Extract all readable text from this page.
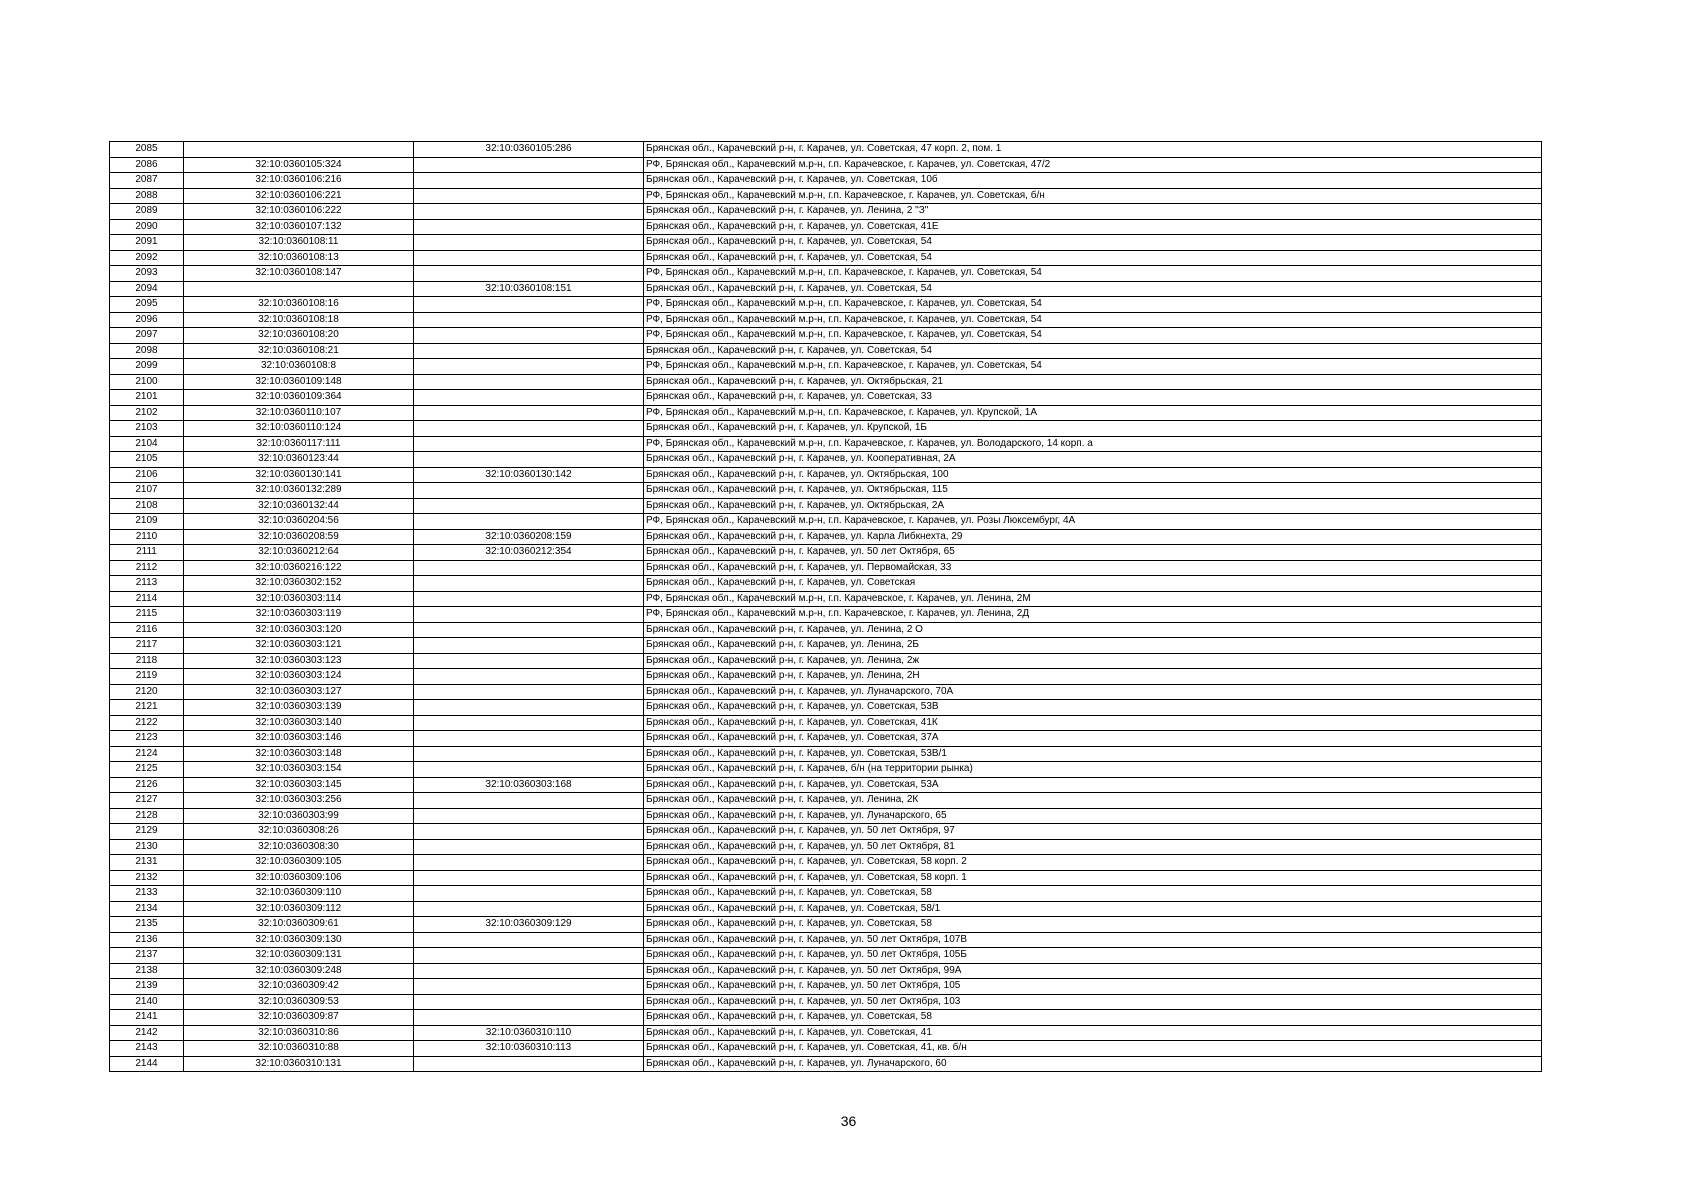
2085		32:10:0360105:286	Брянская обл., Карачевский р-н, г. Карачев, ул. Советская, 47 корп. 2, пом. 1
2086	32:10:0360105:324		РФ, Брянская обл., Карачевский м.р-н, г.п. Карачевское, г. Карачев, ул. Советская, 47/2
2087	32:10:0360106:216		Брянская обл., Карачевский р-н, г. Карачев, ул. Советская, 10б
2088	32:10:0360106:221		РФ, Брянская обл., Карачевский м.р-н, г.п. Карачевское, г. Карачев, ул. Советская, б/н
2089	32:10:0360106:222		Брянская обл., Карачевский р-н, г. Карачев, ул. Ленина, 2 "З"
2090	32:10:0360107:132		Брянская обл., Карачевский р-н, г. Карачев, ул. Советская, 41Е
2091	32:10:0360108:11		Брянская обл., Карачевский р-н, г. Карачев, ул. Советская, 54
2092	32:10:0360108:13		Брянская обл., Карачевский р-н, г. Карачев, ул. Советская, 54
2093	32:10:0360108:147		РФ, Брянская обл., Карачевский м.р-н, г.п. Карачевское, г. Карачев, ул. Советская, 54
2094		32:10:0360108:151	Брянская обл., Карачевский р-н, г. Карачев, ул. Советская, 54
2095	32:10:0360108:16		РФ, Брянская обл., Карачевский м.р-н, г.п. Карачевское, г. Карачев, ул. Советская, 54
2096	32:10:0360108:18		РФ, Брянская обл., Карачевский м.р-н, г.п. Карачевское, г. Карачев, ул. Советская, 54
2097	32:10:0360108:20		РФ, Брянская обл., Карачевский м.р-н, г.п. Карачевское, г. Карачев, ул. Советская, 54
2098	32:10:0360108:21		Брянская обл., Карачевский р-н, г. Карачев, ул. Советская, 54
2099	32:10:0360108:8		РФ, Брянская обл., Карачевский м.р-н, г.п. Карачевское, г. Карачев, ул. Советская, 54
2100	32:10:0360109:148		Брянская обл., Карачевский р-н, г. Карачев, ул. Октябрьская, 21
2101	32:10:0360109:364		Брянская обл., Карачевский р-н, г. Карачев, ул. Советская, 33
2102	32:10:0360110:107		РФ, Брянская обл., Карачевский м.р-н, г.п. Карачевское, г. Карачев, ул. Крупской, 1А
2103	32:10:0360110:124		Брянская обл., Карачевский р-н, г. Карачев, ул. Крупской, 1Б
2104	32:10:0360117:111		РФ, Брянская обл., Карачевский м.р-н, г.п. Карачевское, г. Карачев, ул. Володарского, 14 корп. а
2105	32:10:0360123:44		Брянская обл., Карачевский р-н, г. Карачев, ул. Кооперативная, 2А
2106	32:10:0360130:141	32:10:0360130:142	Брянская обл., Карачевский р-н, г. Карачев, ул. Октябрьская, 100
2107	32:10:0360132:289		Брянская обл., Карачевский р-н, г. Карачев, ул. Октябрьская, 115
2108	32:10:0360132:44		Брянская обл., Карачевский р-н, г. Карачев, ул. Октябрьская, 2А
2109	32:10:0360204:56		РФ, Брянская обл., Карачевский м.р-н, г.п. Карачевское, г. Карачев, ул. Розы Люксембург, 4А
2110	32:10:0360208:59	32:10:0360208:159	Брянская обл., Карачевский р-н, г. Карачев, ул. Карла Либкнехта, 29
2111	32:10:0360212:64	32:10:0360212:354	Брянская обл., Карачевский р-н, г. Карачев, ул. 50 лет Октября, 65
2112	32:10:0360216:122		Брянская обл., Карачевский р-н, г. Карачев, ул. Первомайская, 33
2113	32:10:0360302:152		Брянская обл., Карачевский р-н, г. Карачев, ул. Советская
2114	32:10:0360303:114		РФ, Брянская обл., Карачевский м.р-н, г.п. Карачевское, г. Карачев, ул. Ленина, 2М
2115	32:10:0360303:119		РФ, Брянская обл., Карачевский м.р-н, г.п. Карачевское, г. Карачев, ул. Ленина, 2Д
2116	32:10:0360303:120		Брянская обл., Карачевский р-н, г. Карачев, ул. Ленина, 2 О
2117	32:10:0360303:121		Брянская обл., Карачевский р-н, г. Карачев, ул. Ленина, 2Б
2118	32:10:0360303:123		Брянская обл., Карачевский р-н, г. Карачев, ул. Ленина, 2ж
2119	32:10:0360303:124		Брянская обл., Карачевский р-н, г. Карачев, ул. Ленина, 2Н
2120	32:10:0360303:127		Брянская обл., Карачевский р-н, г. Карачев, ул. Луначарского, 70А
2121	32:10:0360303:139		Брянская обл., Карачевский р-н, г. Карачев, ул. Советская, 53В
2122	32:10:0360303:140		Брянская обл., Карачевский р-н, г. Карачев, ул. Советская, 41К
2123	32:10:0360303:146		Брянская обл., Карачевский р-н, г. Карачев, ул. Советская, 37А
2124	32:10:0360303:148		Брянская обл., Карачевский р-н, г. Карачев, ул. Советская, 53В/1
2125	32:10:0360303:154		Брянская обл., Карачевский р-н, г. Карачев, б/н (на территории рынка)
2126	32:10:0360303:145	32:10:0360303:168	Брянская обл., Карачевский р-н, г. Карачев, ул. Советская, 53А
2127	32:10:0360303:256		Брянская обл., Карачевский р-н, г. Карачев, ул. Ленина, 2К
2128	32:10:0360303:99		Брянская обл., Карачевский р-н, г. Карачев, ул. Луначарского, 65
2129	32:10:0360308:26		Брянская обл., Карачевский р-н, г. Карачев, ул. 50 лет Октября, 97
2130	32:10:0360308:30		Брянская обл., Карачевский р-н, г. Карачев, ул. 50 лет Октября, 81
2131	32:10:0360309:105		Брянская обл., Карачевский р-н, г. Карачев, ул. Советская, 58 корп. 2
2132	32:10:0360309:106		Брянская обл., Карачевский р-н, г. Карачев, ул. Советская, 58 корп. 1
2133	32:10:0360309:110		Брянская обл., Карачевский р-н, г. Карачев, ул. Советская, 58
2134	32:10:0360309:112		Брянская обл., Карачевский р-н, г. Карачев, ул. Советская, 58/1
2135	32:10:0360309:61	32:10:0360309:129	Брянская обл., Карачевский р-н, г. Карачев, ул. Советская, 58
2136	32:10:0360309:130		Брянская обл., Карачевский р-н, г. Карачев, ул. 50 лет Октября, 107В
2137	32:10:0360309:131		Брянская обл., Карачевский р-н, г. Карачев, ул. 50 лет Октября, 105Б
2138	32:10:0360309:248		Брянская обл., Карачевский р-н, г. Карачев, ул. 50 лет Октября, 99А
2139	32:10:0360309:42		Брянская обл., Карачевский р-н, г. Карачев, ул. 50 лет Октября, 105
2140	32:10:0360309:53		Брянская обл., Карачевский р-н, г. Карачев, ул. 50 лет Октября, 103
2141	32:10:0360309:87		Брянская обл., Карачевский р-н, г. Карачев, ул. Советская, 58
2142	32:10:0360310:86	32:10:0360310:110	Брянская обл., Карачевский р-н, г. Карачев, ул. Советская, 41
2143	32:10:0360310:88	32:10:0360310:113	Брянская обл., Карачевский р-н, г. Карачев, ул. Советская, 41, кв. б/н
2144	32:10:0360310:131		Брянская обл., Карачевский р-н, г. Карачев, ул. Луначарского, 60
36
